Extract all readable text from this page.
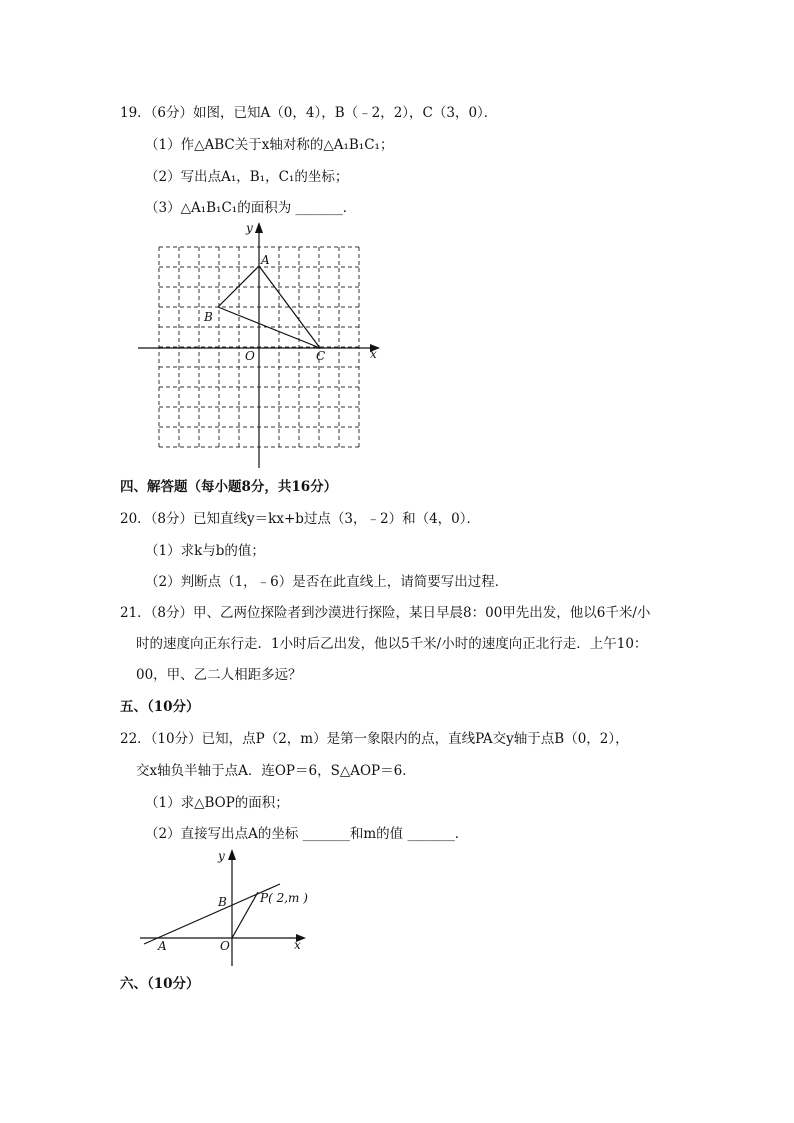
19．（6分）如图，已知A（0，4），B（﹣2，2），C（3，0）．
（1）作△ABC关于x轴对称的△A₁B₁C₁；
（2）写出点A₁，B₁，C₁的坐标；
（3）△A₁B₁C₁的面积为 _______．
y
x
A
B
O	C
四、解答题（每小题8分，共16分）
20．（8分）已知直线y＝kx+b过点（3，﹣2）和（4，0）．
（1）求k与b的值；
（2）判断点（1，﹣6）是否在此直线上，请简要写出过程．
21．（8分）甲、乙两位探险者到沙漠进行探险，某日早晨8：00甲先出发，他以6千米/小
时的速度向正东行走．1小时后乙出发，他以5千米/小时的速度向正北行走．上午10：
00，甲、乙二人相距多远？
五、（10分）
22．（10分）已知，点P（2，m）是第一象限内的点，直线PA交y轴于点B（0，2），
交x轴负半轴于点A．连OP＝6，S△AOP＝6．
（1）求△BOP的面积；
（2）直接写出点A的坐标 _______和m的值 _______．
y
x
B	P( 2,m )
A	O
六、（10分）
